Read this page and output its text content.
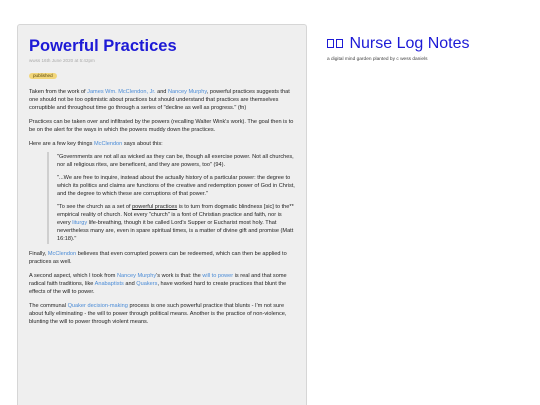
Powerful Practices
wwss 16th June 2020 at 5:42pm
published

Taken from the work of James Wm. McClendon, Jr. and Nancey Murphy, powerful practices suggests that one should not be too optimistic about practices but should understand that practices are themselves corruptible and throughout time go through a series of "decline as well as progress." (fn)

Practices can be taken over and infiltrated by the powers (recalling Walter Wink's work). The goal then is to be on the alert for the ways in which the powers muddy down the practices.

Here are a few key things McClendon says about this:

"Governments are not all as wicked as they can be, though all exercise power. Not all churches, nor all religious rites, are beneficent, and they are powers, too" (94).

"...We are free to inquire, instead about the actually history of a particular power: the degree to which its politics and claims are functions of the creative and redemption power of God in Christ, and the degree to which these are corruptions of that power."

"To see the church as a set of powerful practices is to turn from dogmatic blindness [sic] to the** empirical reality of church. Not every "church" is a font of Christian practice and faith, nor is every liturgy life-breathing, though it be called Lord's Supper or Eucharist most holy. That nevertheless many are, even in spare spiritual times, is a matter of divine gift and promise (Matt 16:18)."

Finally, McClendon believes that even corrupted powers can be redeemed, which can then be applied to practices as well.

A second aspect, which I took from Nancey Murphy's work is that: the will to power is real and that some radical faith traditions, like Anabaptists and Quakers, have worked hard to create practices that blunt the effects of the will to power.

The communal Quaker decision-making process is one such powerful practice that blunts - I'm not sure about fully eliminating - the will to power through political means. Another is the practice of non-violence, blunting the will to power through violent means.

Nurse Log Notes
a digital mind garden planted by c wess daniels
